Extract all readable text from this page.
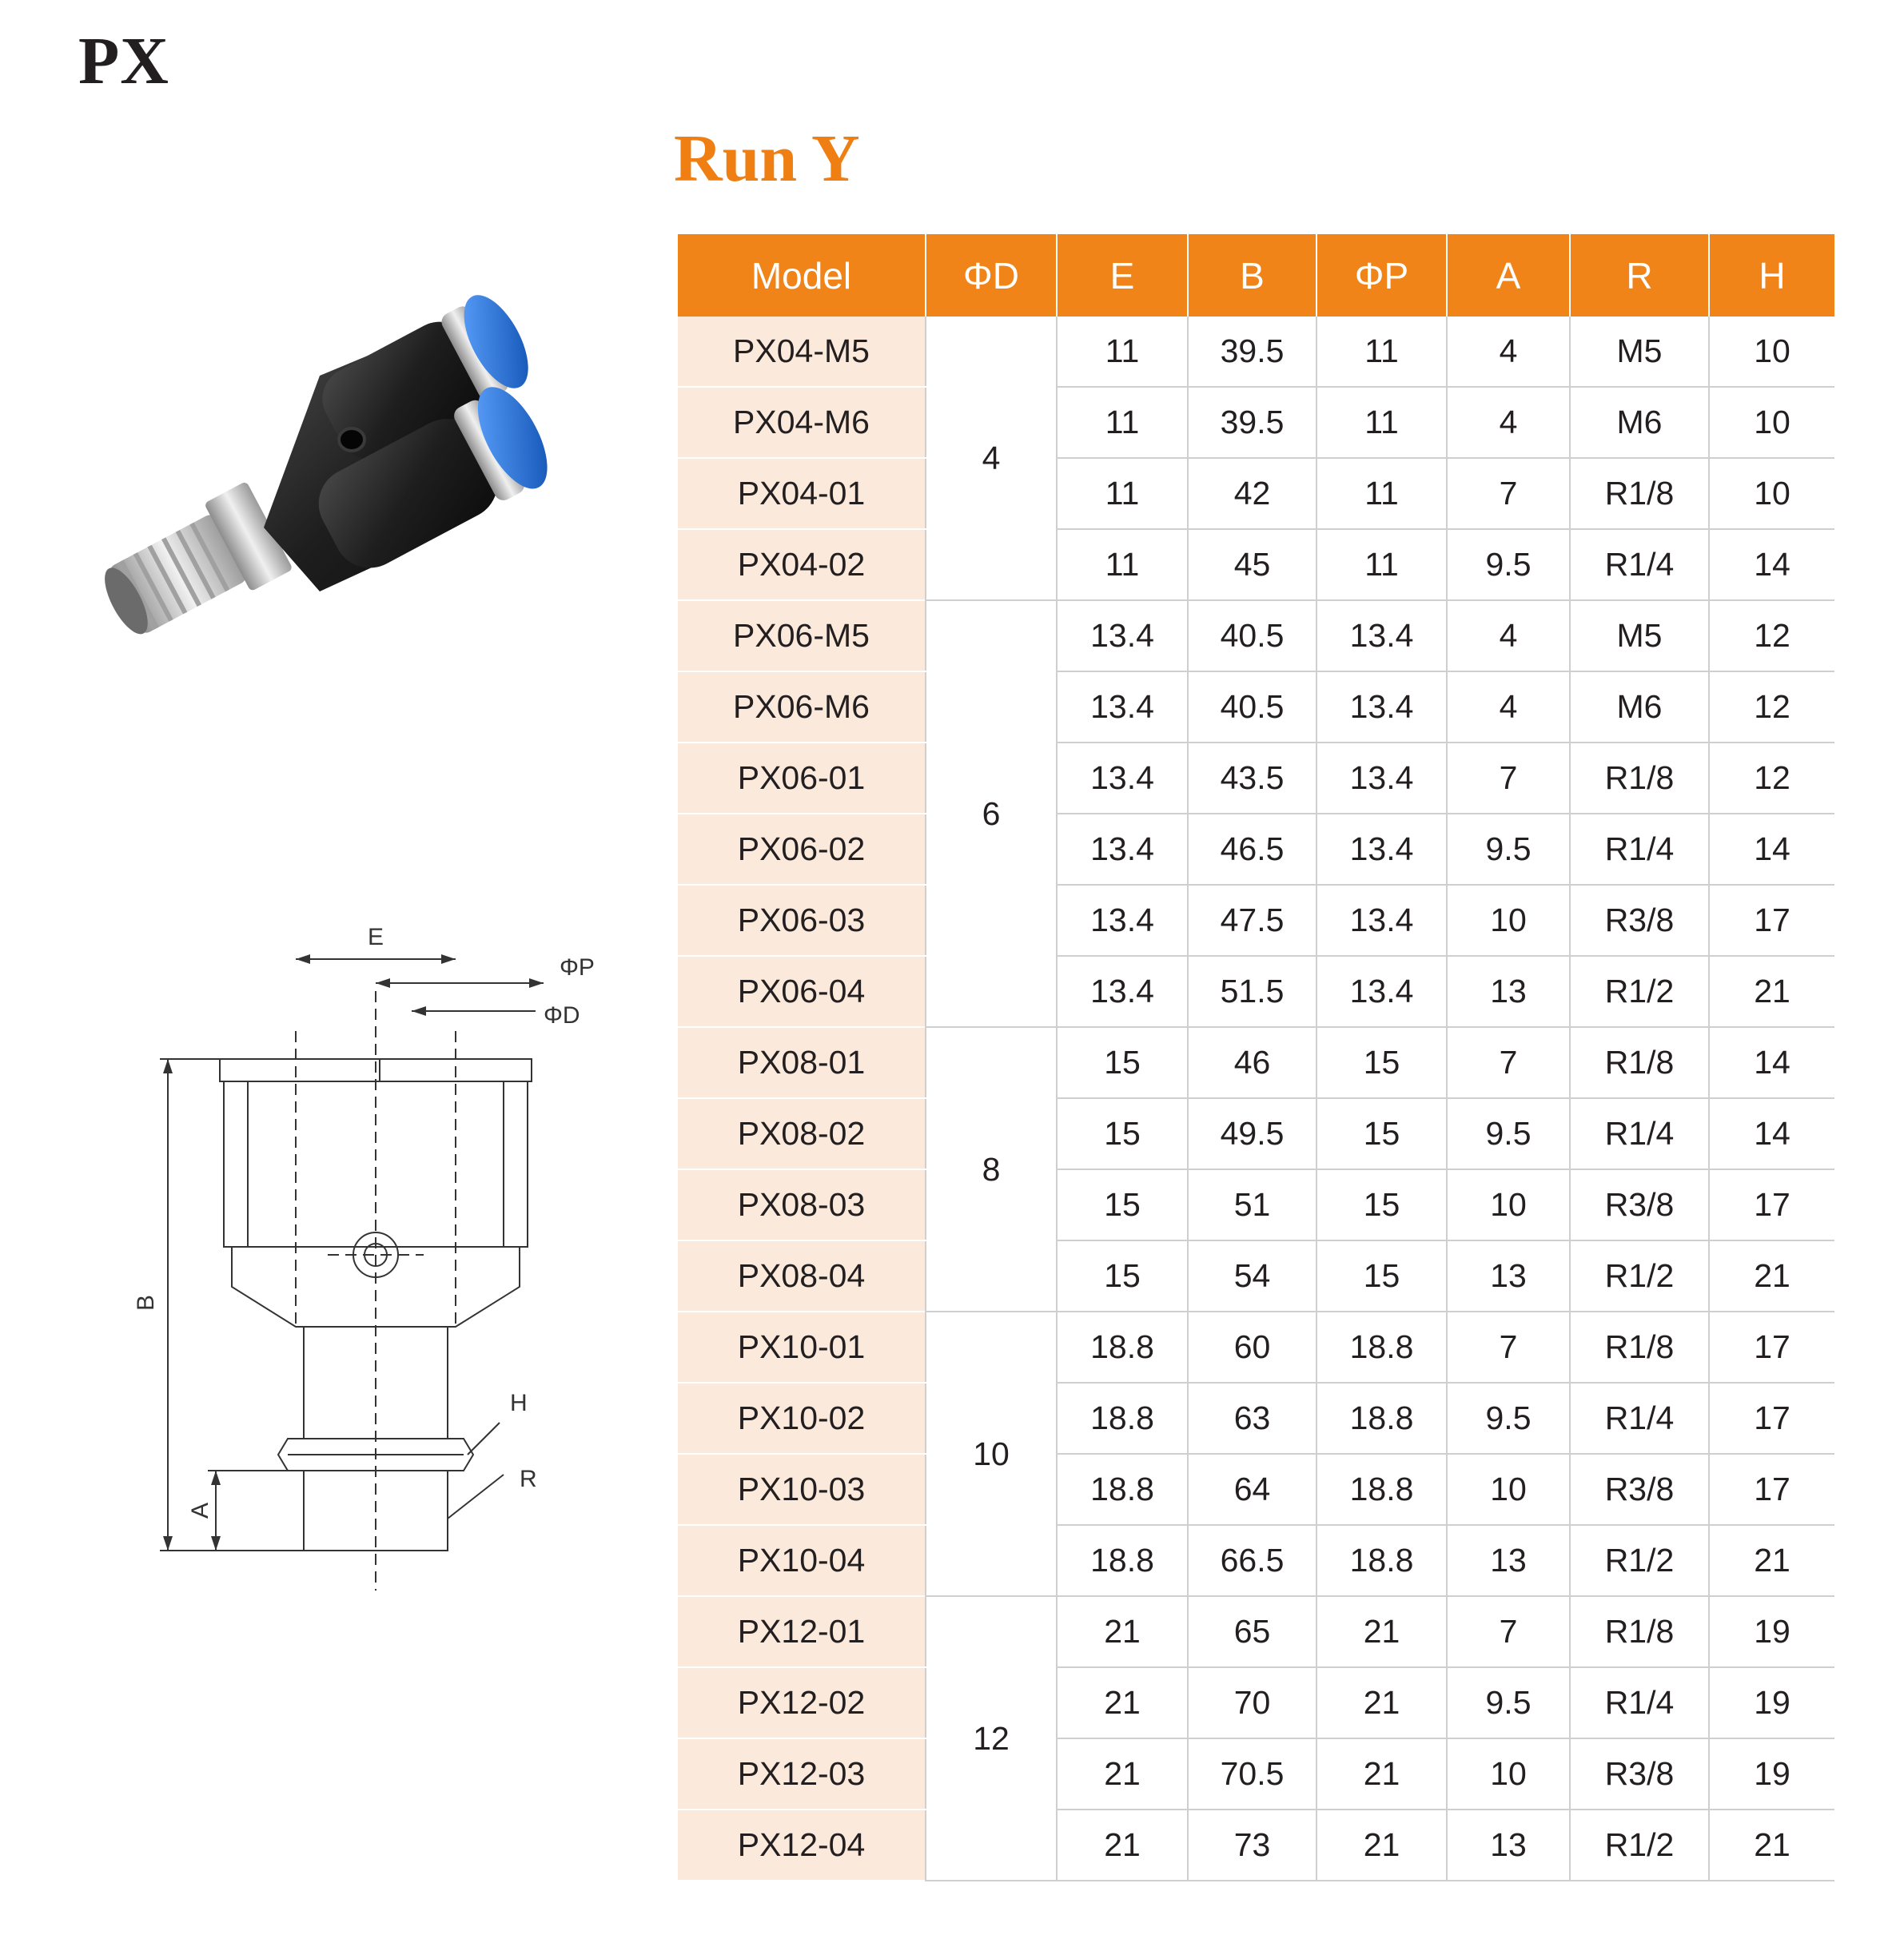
PX
Run Y
E
ΦP
ΦD
B
H
R
A
Model	ΦD	E	B	ΦP	A	R	H
PX04-M5	4	11	39.5	11	4	M5	10
PX04-M6		11	39.5	11	4	M6	10
PX04-01		11	42	11	7	R1/8	10
PX04-02		11	45	11	9.5	R1/4	14
PX06-M5	6	13.4	40.5	13.4	4	M5	12
PX06-M6		13.4	40.5	13.4	4	M6	12
PX06-01		13.4	43.5	13.4	7	R1/8	12
PX06-02		13.4	46.5	13.4	9.5	R1/4	14
PX06-03		13.4	47.5	13.4	10	R3/8	17
PX06-04		13.4	51.5	13.4	13	R1/2	21
PX08-01	8	15	46	15	7	R1/8	14
PX08-02		15	49.5	15	9.5	R1/4	14
PX08-03		15	51	15	10	R3/8	17
PX08-04		15	54	15	13	R1/2	21
PX10-01	10	18.8	60	18.8	7	R1/8	17
PX10-02		18.8	63	18.8	9.5	R1/4	17
PX10-03		18.8	64	18.8	10	R3/8	17
PX10-04		18.8	66.5	18.8	13	R1/2	21
PX12-01	12	21	65	21	7	R1/8	19
PX12-02		21	70	21	9.5	R1/4	19
PX12-03		21	70.5	21	10	R3/8	19
PX12-04		21	73	21	13	R1/2	21
